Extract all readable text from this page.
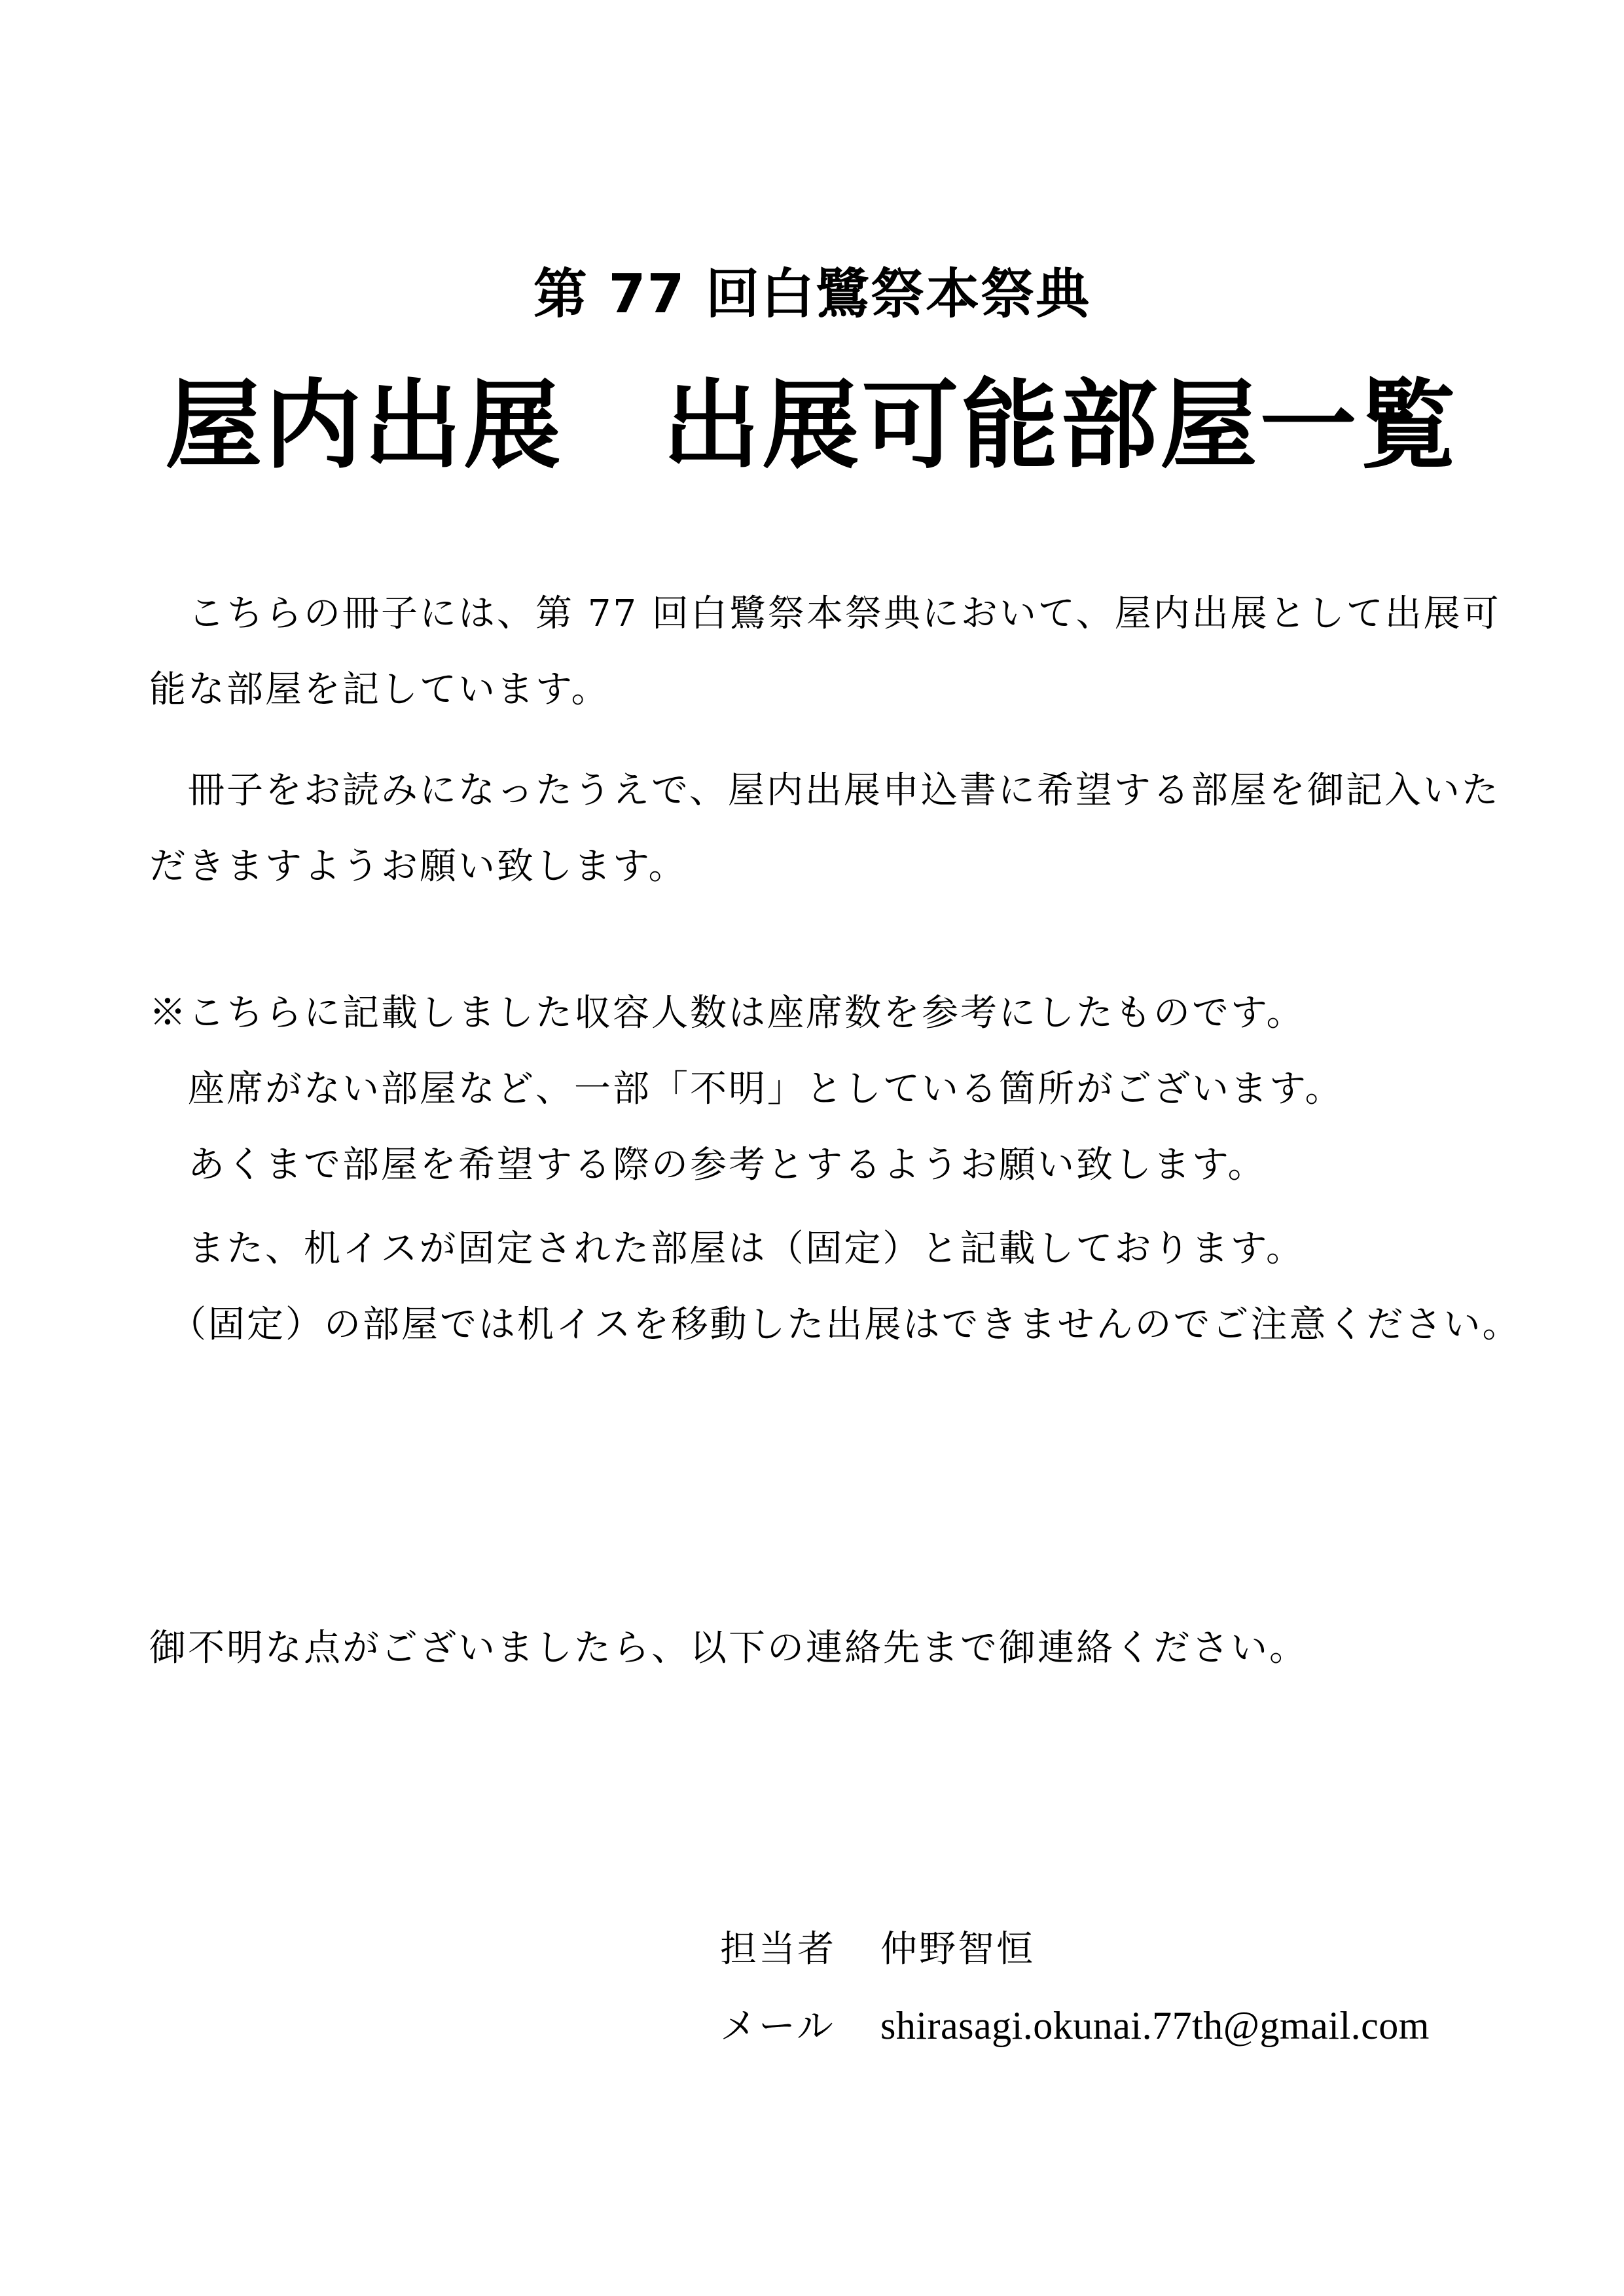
第 77 回白鷺祭本祭典
屋内出展　出展可能部屋一覧
　こちらの冊子には、第 77 回白鷺祭本祭典において、屋内出展として出展可
能な部屋を記しています。
　冊子をお読みになったうえで、屋内出展申込書に希望する部屋を御記入いた
だきますようお願い致します。
※こちらに記載しました収容人数は座席数を参考にしたものです。
　座席がない部屋など、一部「不明」としている箇所がございます。
　あくまで部屋を希望する際の参考とするようお願い致します。
　また、机イスが固定された部屋は（固定）と記載しております。
　（固定）の部屋では机イスを移動した出展はできませんのでご注意ください。
御不明な点がございましたら、以下の連絡先まで御連絡ください。
担当者 仲野智恒
メール shirasagi.okunai.77th@gmail.com
